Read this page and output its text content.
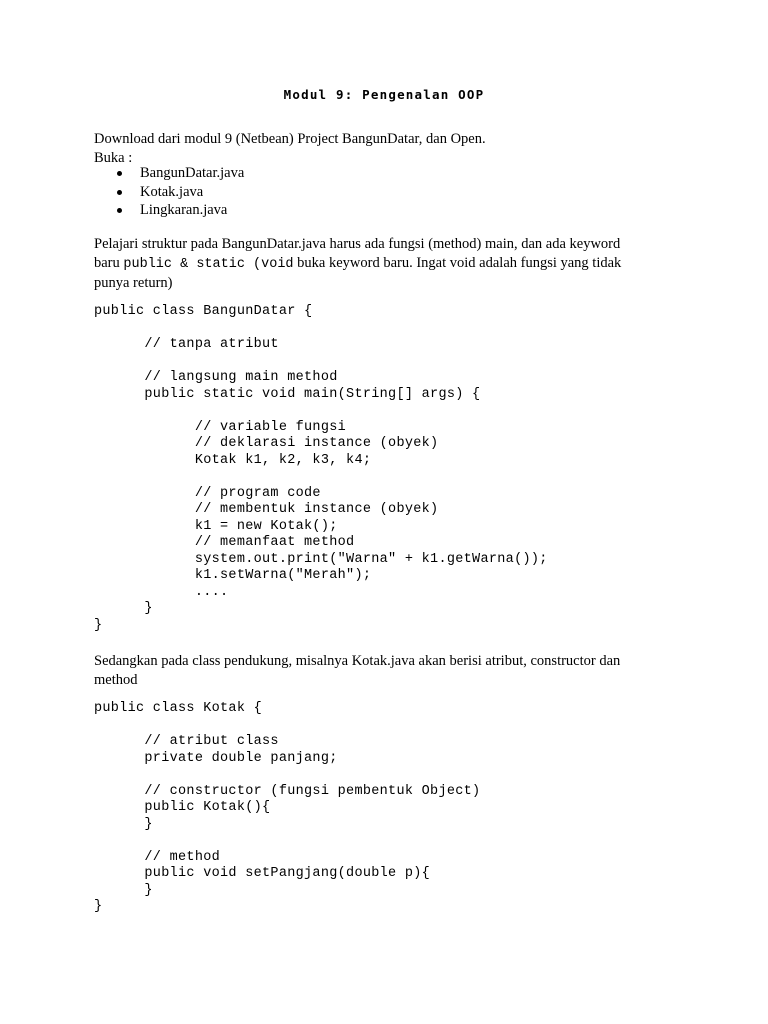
Modul 9: Pengenalan OOP
Download dari modul 9 (Netbean) Project BangunDatar, dan Open.
Buka :
BangunDatar.java
Kotak.java
Lingkaran.java
Pelajari struktur pada BangunDatar.java harus ada fungsi (method) main, dan ada keyword
baru public & static (void buka keyword baru. Ingat void adalah fungsi yang tidak
punya return)
public class BangunDatar {

// tanpa atribut

// langsung main method
public static void main(String[] args) {

// variable fungsi
// deklarasi instance (obyek)
Kotak k1, k2, k3, k4;

// program code
// membentuk instance (obyek)
k1 = new Kotak();
// memanfaat method
system.out.print("Warna" + k1.getWarna());
k1.setWarna("Merah");
....
}
}
Sedangkan pada class pendukung, misalnya Kotak.java akan berisi atribut, constructor dan
method
public class Kotak {

// atribut class
private double panjang;

// constructor (fungsi pembentuk Object)
public Kotak(){
}

// method
public void setPangjang(double p){
}
}
